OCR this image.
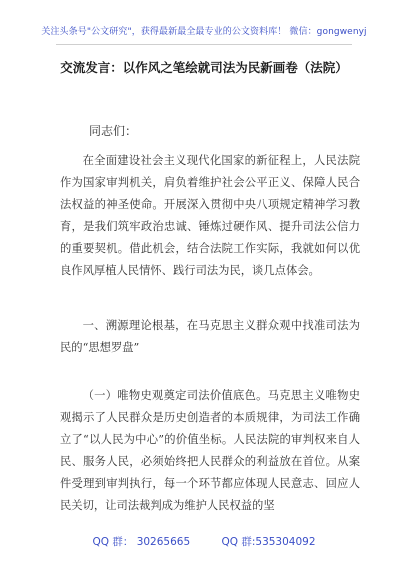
关注头条号"公文研究"，获得最新最全最专业的公文资料库！ 微信：gongwenyj
交流发言：以作风之笔绘就司法为民新画卷（法院）
同志们：

在全面建设社会主义现代化国家的新征程上，人民法院作为国家审判机关，肩负着维护社会公平正义、保障人民合法权益的神圣使命。开展深入贯彻中央八项规定精神学习教育，是我们筑牢政治忠诚、锤炼过硬作风、提升司法公信力的重要契机。借此机会，结合法院工作实际，我就如何以优良作风厚植人民情怀、践行司法为民，谈几点体会。

一、溯源理论根基，在马克思主义群众观中找准司法为民的“思想罗盘”

（一）唯物史观奠定司法价值底色。马克思主义唯物史观揭示了人民群众是历史创造者的本质规律，为司法工作确立了“以人民为中心”的价值坐标。人民法院的审判权来自人民、服务人民，必须始终把人民群众的利益放在首位。从案件受理到审判执行，每一个环节都应体现人民意志、回应人民关切，让司法裁判成为维护人民权益的坚

QQ 群： 30265665	QQ 群:535304092
